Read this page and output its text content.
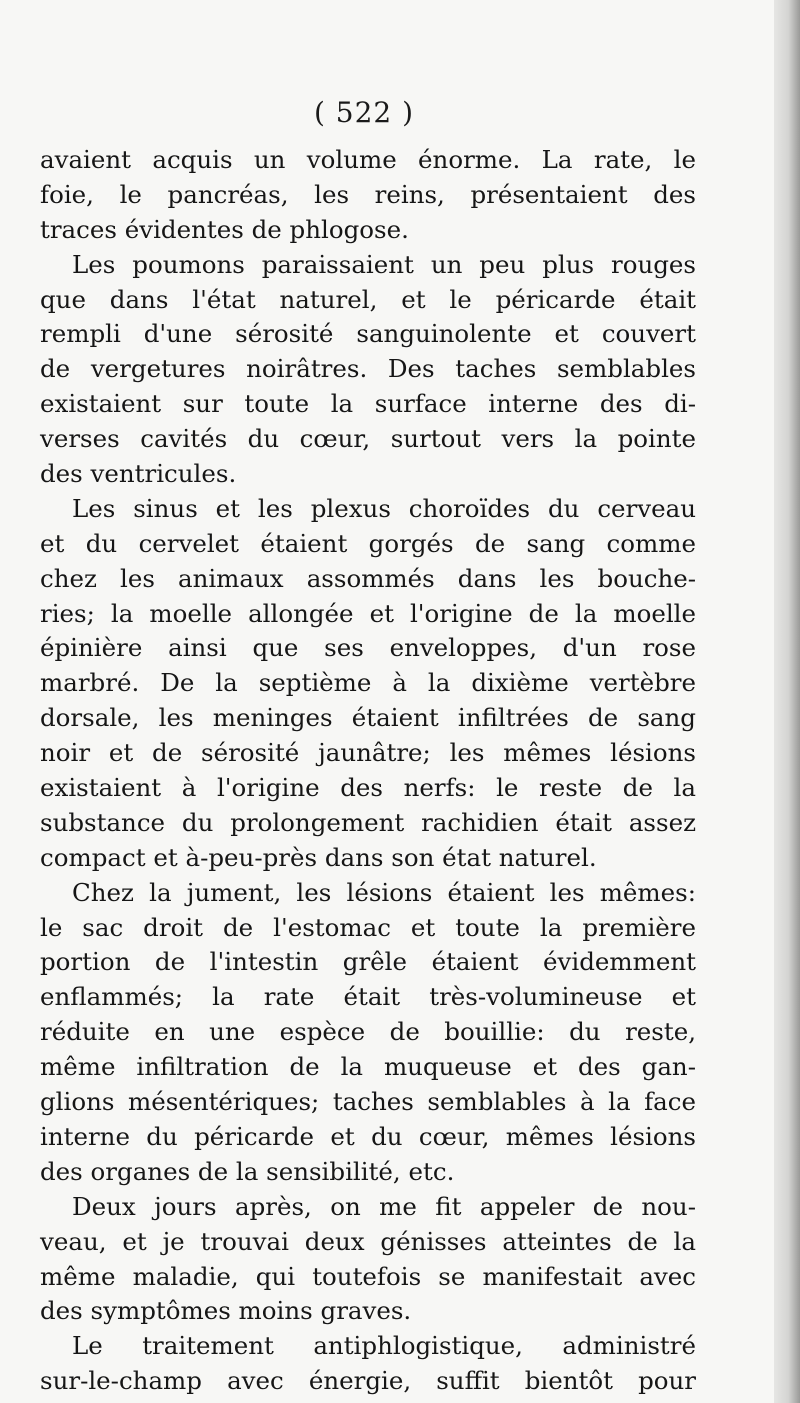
( 522 )
avaient acquis un volume énorme. La rate, le
foie, le pancréas, les reins, présentaient des
traces évidentes de phlogose.
Les poumons paraissaient un peu plus rouges
que dans l'état naturel, et le péricarde était
rempli d'une sérosité sanguinolente et couvert
de vergetures noirâtres. Des taches semblables
existaient sur toute la surface interne des di-
verses cavités du cœur, surtout vers la pointe
des ventricules.
Les sinus et les plexus choroïdes du cerveau
et du cervelet étaient gorgés de sang comme
chez les animaux assommés dans les bouche-
ries; la moelle allongée et l'origine de la moelle
épinière ainsi que ses enveloppes, d'un rose
marbré. De la septième à la dixième vertèbre
dorsale, les meninges étaient infiltrées de sang
noir et de sérosité jaunâtre; les mêmes lésions
existaient à l'origine des nerfs: le reste de la
substance du prolongement rachidien était assez
compact et à-peu-près dans son état naturel.
Chez la jument, les lésions étaient les mêmes:
le sac droit de l'estomac et toute la première
portion de l'intestin grêle étaient évidemment
enflammés; la rate était très-volumineuse et
réduite en une espèce de bouillie: du reste,
même infiltration de la muqueuse et des gan-
glions mésentériques; taches semblables à la face
interne du péricarde et du cœur, mêmes lésions
des organes de la sensibilité, etc.
Deux jours après, on me fit appeler de nou-
veau, et je trouvai deux génisses atteintes de la
même maladie, qui toutefois se manifestait avec
des symptômes moins graves.
Le traitement antiphlogistique, administré
sur-le-champ avec énergie, suffit bientôt pour
